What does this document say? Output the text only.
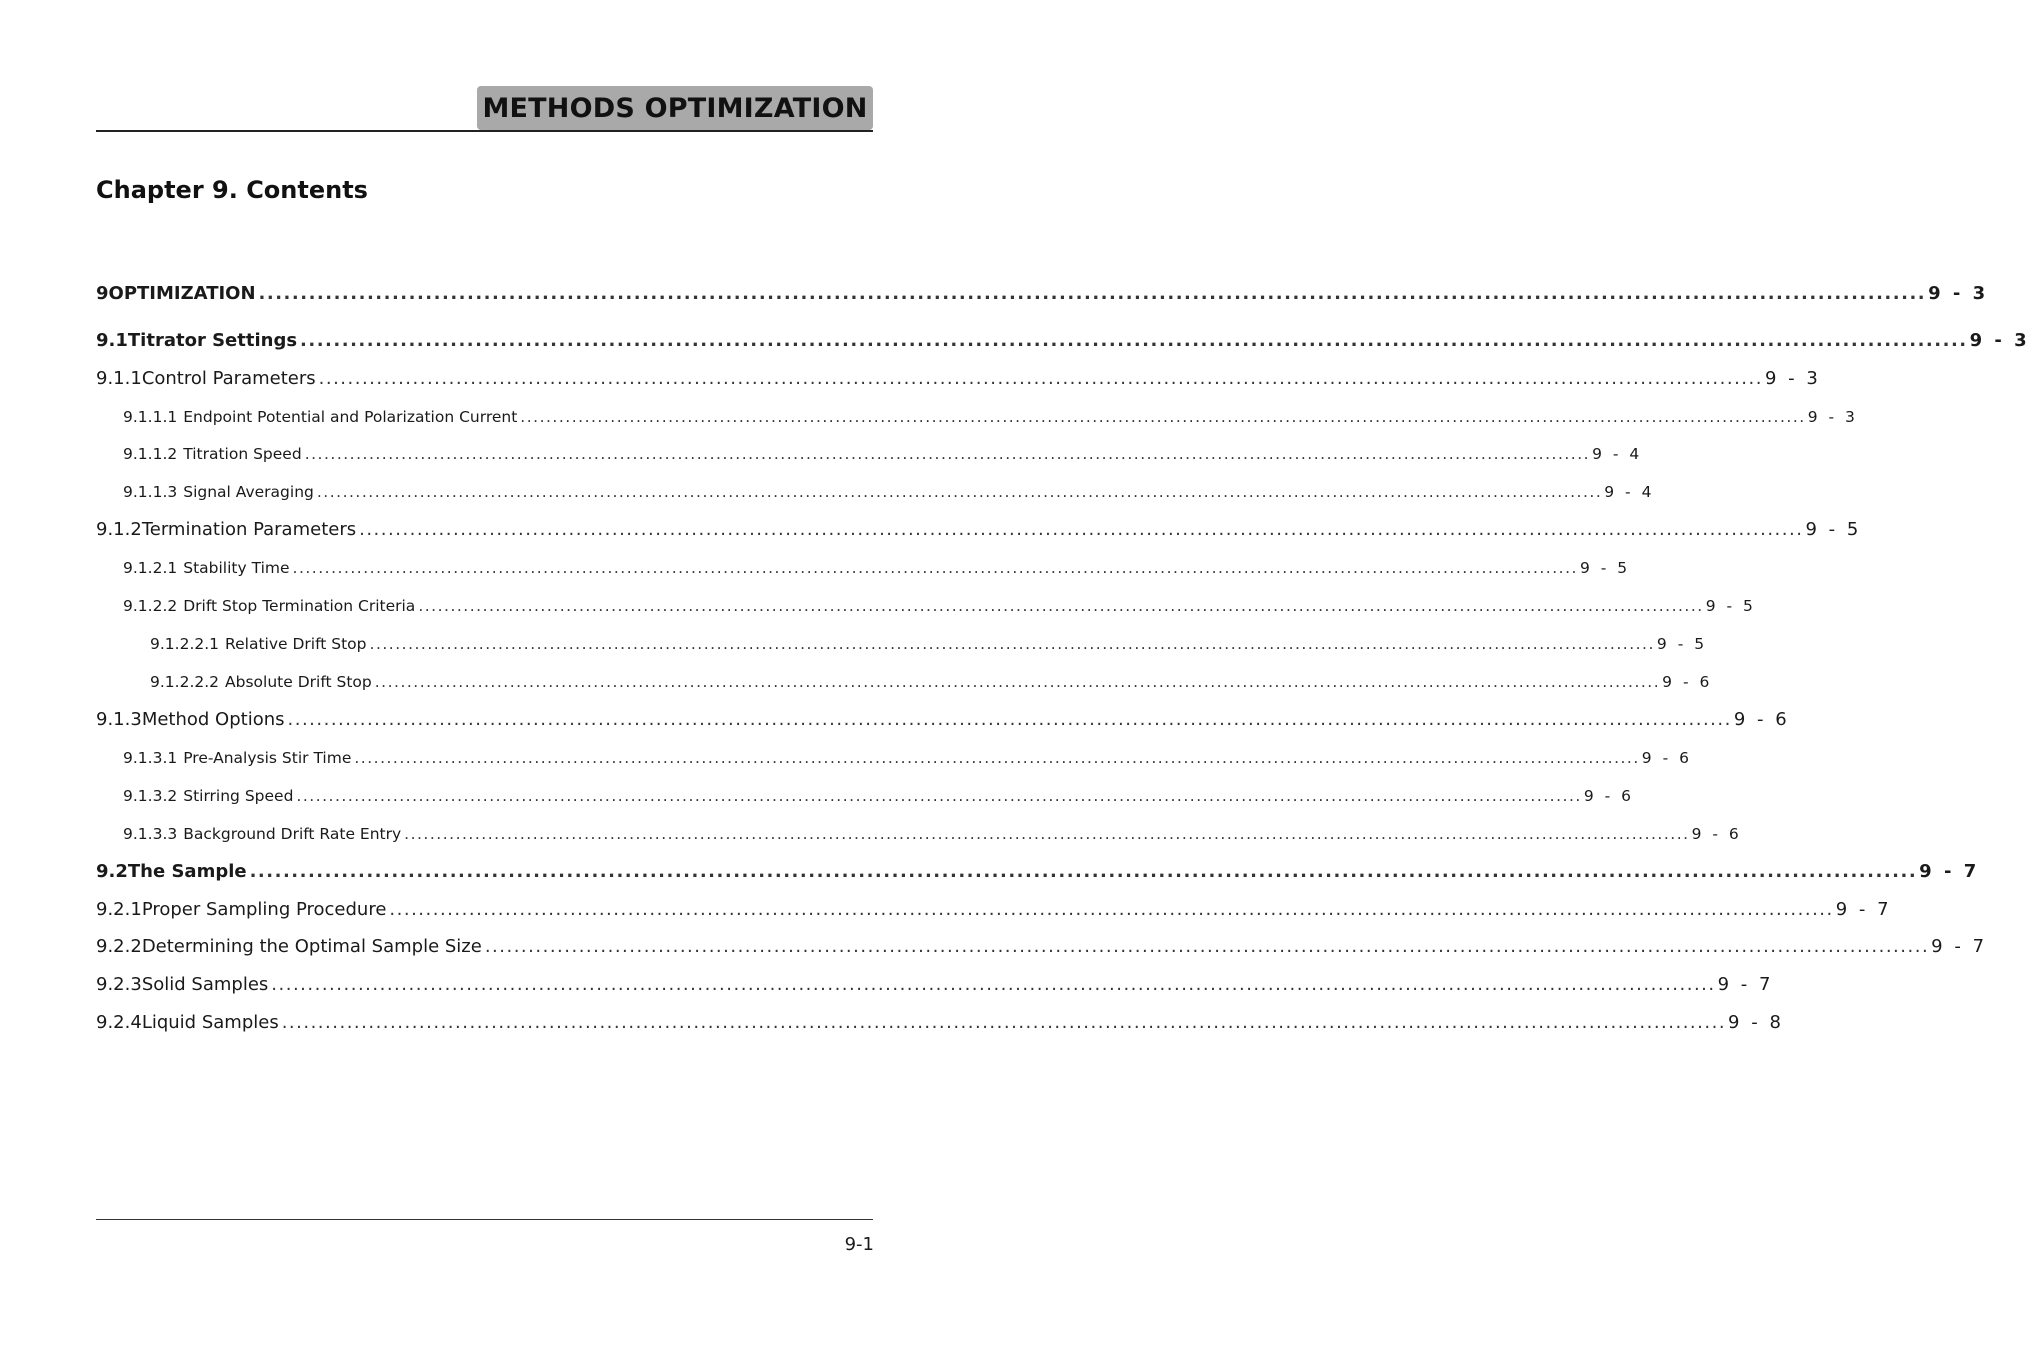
METHODS OPTIMIZATION
Chapter 9. Contents
9 OPTIMIZATION ........................................................................................................................................................................................................ 9 - 3
9.1 Titrator Settings ........................................................................................................................................................................................................ 9 - 3
9.1.1 Control Parameters ........................................................................................................................................................................................................ 9 - 3
9.1.1.1 Endpoint Potential and Polarization Current ........................................................................................................................................................................................................ 9 - 3
9.1.1.2 Titration Speed ........................................................................................................................................................................................................ 9 - 4
9.1.1.3 Signal Averaging ........................................................................................................................................................................................................ 9 - 4
9.1.2 Termination Parameters ........................................................................................................................................................................................................ 9 - 5
9.1.2.1 Stability Time ........................................................................................................................................................................................................ 9 - 5
9.1.2.2 Drift Stop Termination Criteria ........................................................................................................................................................................................................ 9 - 5
9.1.2.2.1 Relative Drift Stop ........................................................................................................................................................................................................ 9 - 5
9.1.2.2.2 Absolute Drift Stop ........................................................................................................................................................................................................ 9 - 6
9.1.3 Method Options ........................................................................................................................................................................................................ 9 - 6
9.1.3.1 Pre-Analysis Stir Time ........................................................................................................................................................................................................ 9 - 6
9.1.3.2 Stirring Speed ........................................................................................................................................................................................................ 9 - 6
9.1.3.3 Background Drift Rate Entry ........................................................................................................................................................................................................ 9 - 6
9.2 The Sample ........................................................................................................................................................................................................ 9 - 7
9.2.1 Proper Sampling Procedure ........................................................................................................................................................................................................ 9 - 7
9.2.2 Determining the Optimal Sample Size ........................................................................................................................................................................................................ 9 - 7
9.2.3 Solid Samples ........................................................................................................................................................................................................ 9 - 7
9.2.4 Liquid Samples ........................................................................................................................................................................................................ 9 - 8
9-1
